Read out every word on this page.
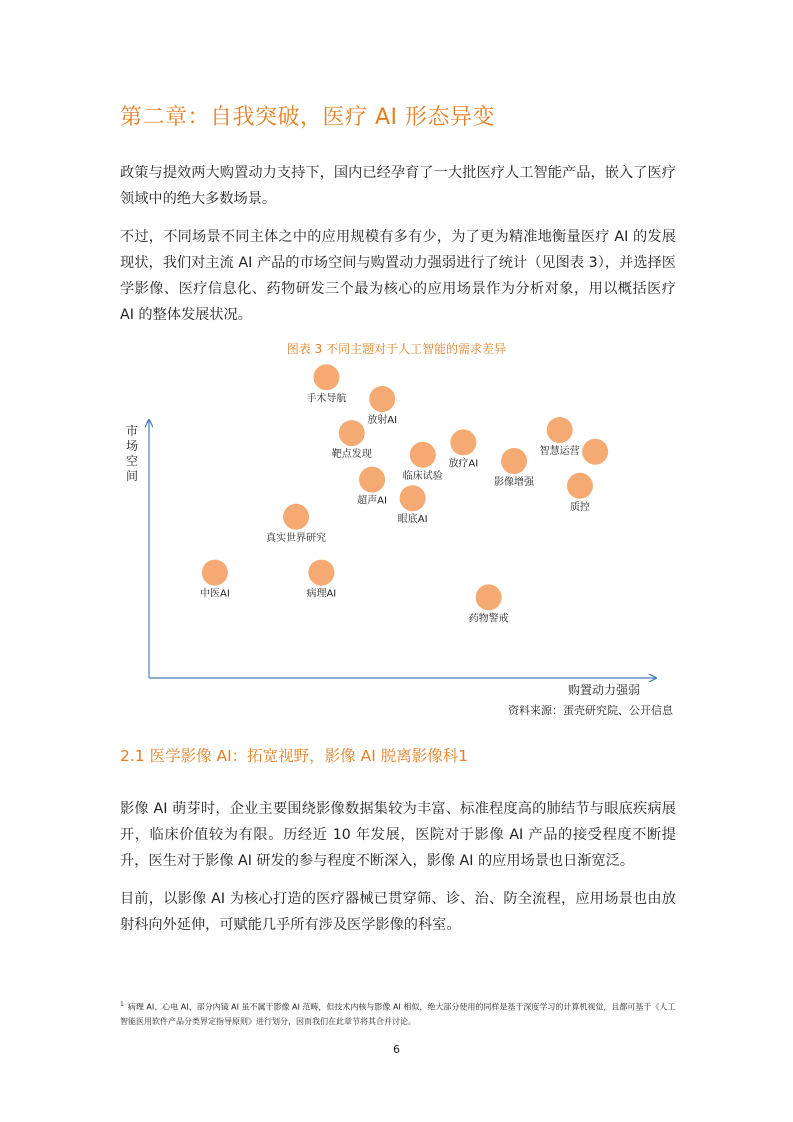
第二章：自我突破，医疗 AI 形态异变

政策与提效两大购置动力支持下，国内已经孕育了一大批医疗人工智能产品，嵌入了医疗领域中的绝大多数场景。

不过，不同场景不同主体之中的应用规模有多有少，为了更为精准地衡量医疗 AI 的发展现状，我们对主流 AI 产品的市场空间与购置动力强弱进行了统计（见图表 3），并选择医学影像、医疗信息化、药物研发三个最为核心的应用场景作为分析对象，用以概括医疗 AI 的整体发展状况。

图表 3 不同主题对于人工智能的需求差异
手术导航
放射AI
靶点发现
临床试验
放疗AI
智慧运营
影像增强
超声AI
质控
眼底AI
真实世界研究
中医AI	病理AI
药物警戒
市场空间
购置动力强弱
资料来源：蛋壳研究院、公开信息
2.1 医学影像 AI：拓宽视野，影像 AI 脱离影像科1

影像 AI 萌芽时，企业主要围绕影像数据集较为丰富、标准程度高的肺结节与眼底疾病展开，临床价值较为有限。历经近 10 年发展，医院对于影像 AI 产品的接受程度不断提升，医生对于影像 AI 研发的参与程度不断深入，影像 AI 的应用场景也日渐宽泛。

目前，以影像 AI 为核心打造的医疗器械已贯穿筛、诊、治、防全流程，应用场景也由放射科向外延伸，可赋能几乎所有涉及医学影像的科室。

$^1$ 病理 AI、心电 AI、部分内镜 AI 虽不属于影像 AI 范畴，但技术内核与影像 AI 相似，绝大部分使用的同样是基于深度学习的计算机视觉，且都可基于《人工智能医用软件产品分类界定指导原则》进行划分，因而我们在此章节将其合并讨论。
6
